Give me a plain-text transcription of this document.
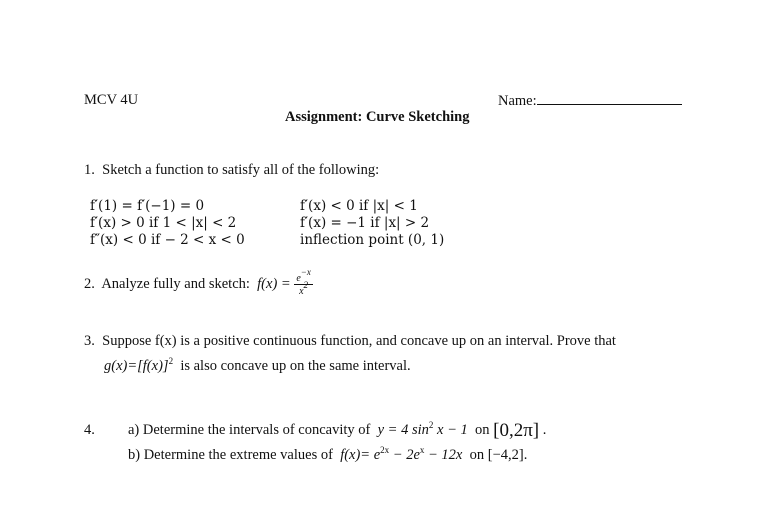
MCV 4U	Name:
Assignment: Curve Sketching
1. Sketch a function to satisfy all of the following:
f′(1) = f′(−1) = 0	f′(x) < 0 if |x| < 1
f′(x) > 0 if 1 < |x| < 2	f′(x) = −1 if |x| > 2
f″(x) < 0 if − 2 < x < 0	inflection point (0, 1)
2. Analyze fully and sketch: $f(x) = \frac{e^{-x}}{x^2}$
3. Suppose f(x) is a positive continuous function, and concave up on an interval. Prove that
$g(x)=[f(x)]^2$ is also concave up on the same interval.
4. a) Determine the intervals of concavity of y = 4 $\sin^2 x - 1$ on [0,2π] .
b) Determine the extreme values of $f(x)= e^{2x} - 2e^x - 12x$ on [−4,2].
